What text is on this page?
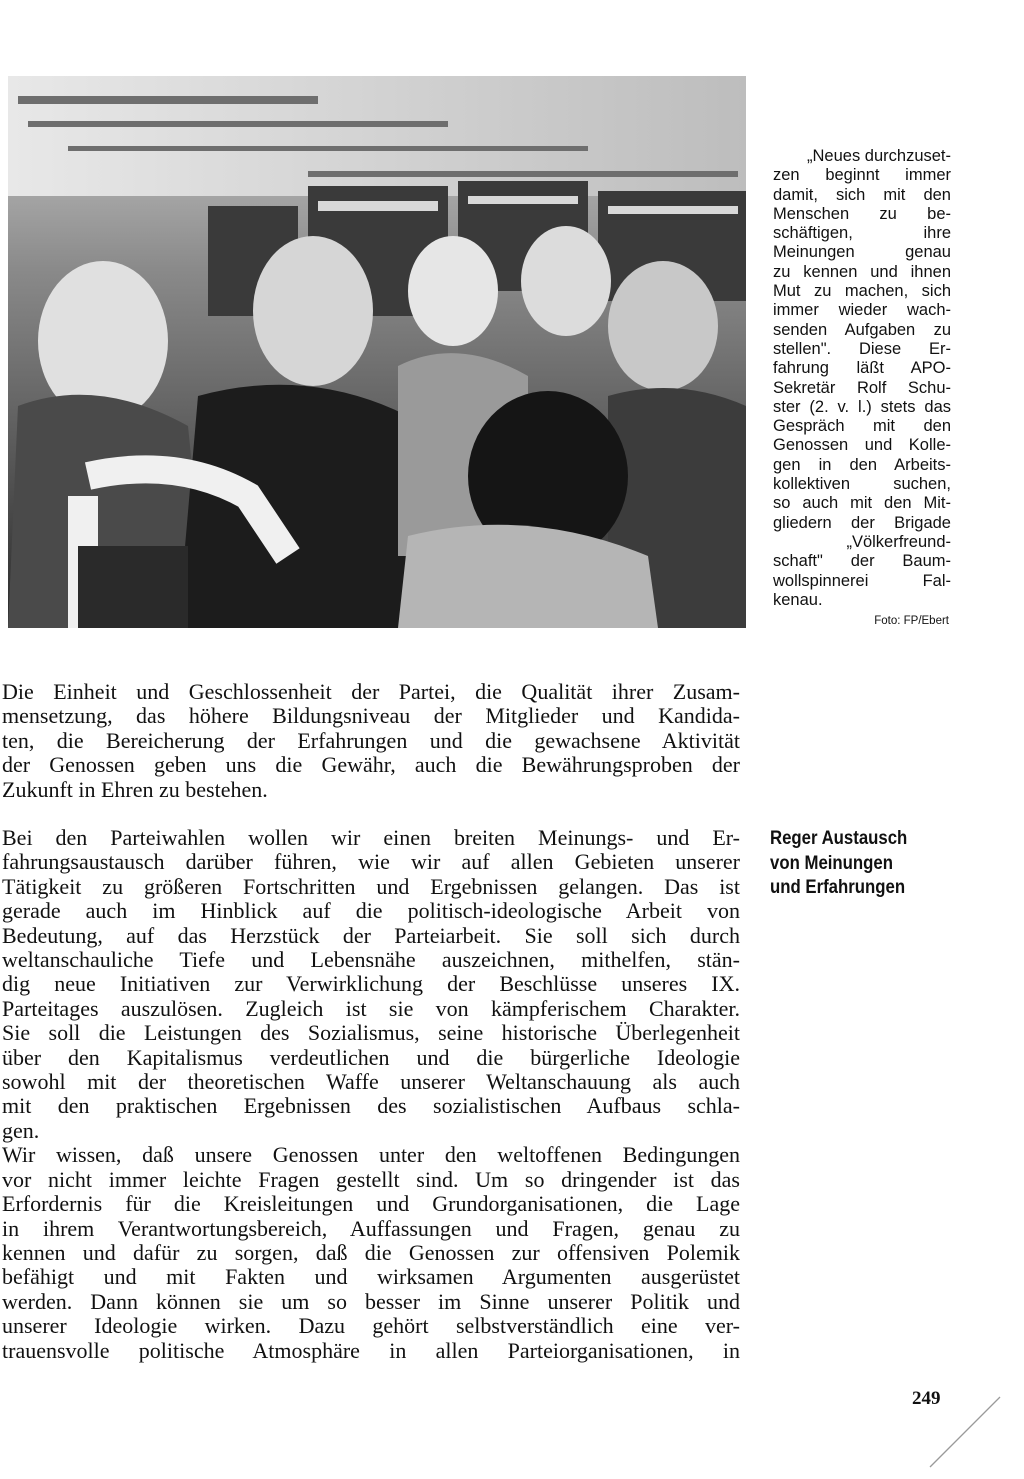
„Neues durchzuset-
zen beginnt immer
damit, sich mit den
Menschen zu be-
schäftigen, ihre
Meinungen genau
zu kennen und ihnen
Mut zu machen, sich
immer wieder wach-
senden Aufgaben zu
stellen". Diese Er-
fahrung läßt APO-
Sekretär Rolf Schu-
ster (2. v. l.) stets das
Gespräch mit den
Genossen und Kolle-
gen in den Arbeits-
kollektiven suchen,
so auch mit den Mit-
gliedern der Brigade
„Völkerfreund-
schaft" der Baum-
wollspinnerei Fal-
kenau.
Foto: FP/Ebert
Die Einheit und Geschlossenheit der Partei, die Qualität ihrer Zusam-
mensetzung, das höhere Bildungsniveau der Mitglieder und Kandida-
ten, die Bereicherung der Erfahrungen und die gewachsene Aktivität
der Genossen geben uns die Gewähr, auch die Bewährungsproben der
Zukunft in Ehren zu bestehen.
Reger Austausch
von Meinungen
und Erfahrungen
Bei den Parteiwahlen wollen wir einen breiten Meinungs- und Er-
fahrungsaustausch darüber führen, wie wir auf allen Gebieten unserer
Tätigkeit zu größeren Fortschritten und Ergebnissen gelangen. Das ist
gerade auch im Hinblick auf die politisch-ideologische Arbeit von
Bedeutung, auf das Herzstück der Parteiarbeit. Sie soll sich durch
weltanschauliche Tiefe und Lebensnähe auszeichnen, mithelfen, stän-
dig neue Initiativen zur Verwirklichung der Beschlüsse unseres IX.
Parteitages auszulösen. Zugleich ist sie von kämpferischem Charakter.
Sie soll die Leistungen des Sozialismus, seine historische Überlegenheit
über den Kapitalismus verdeutlichen und die bürgerliche Ideologie
sowohl mit der theoretischen Waffe unserer Weltanschauung als auch
mit den praktischen Ergebnissen des sozialistischen Aufbaus schla-
gen.
Wir wissen, daß unsere Genossen unter den weltoffenen Bedingungen
vor nicht immer leichte Fragen gestellt sind. Um so dringender ist das
Erfordernis für die Kreisleitungen und Grundorganisationen, die Lage
in ihrem Verantwortungsbereich, Auffassungen und Fragen, genau zu
kennen und dafür zu sorgen, daß die Genossen zur offensiven Polemik
befähigt und mit Fakten und wirksamen Argumenten ausgerüstet
werden. Dann können sie um so besser im Sinne unserer Politik und
unserer Ideologie wirken. Dazu gehört selbstverständlich eine ver-
trauensvolle politische Atmosphäre in allen Parteiorganisationen, in
249
